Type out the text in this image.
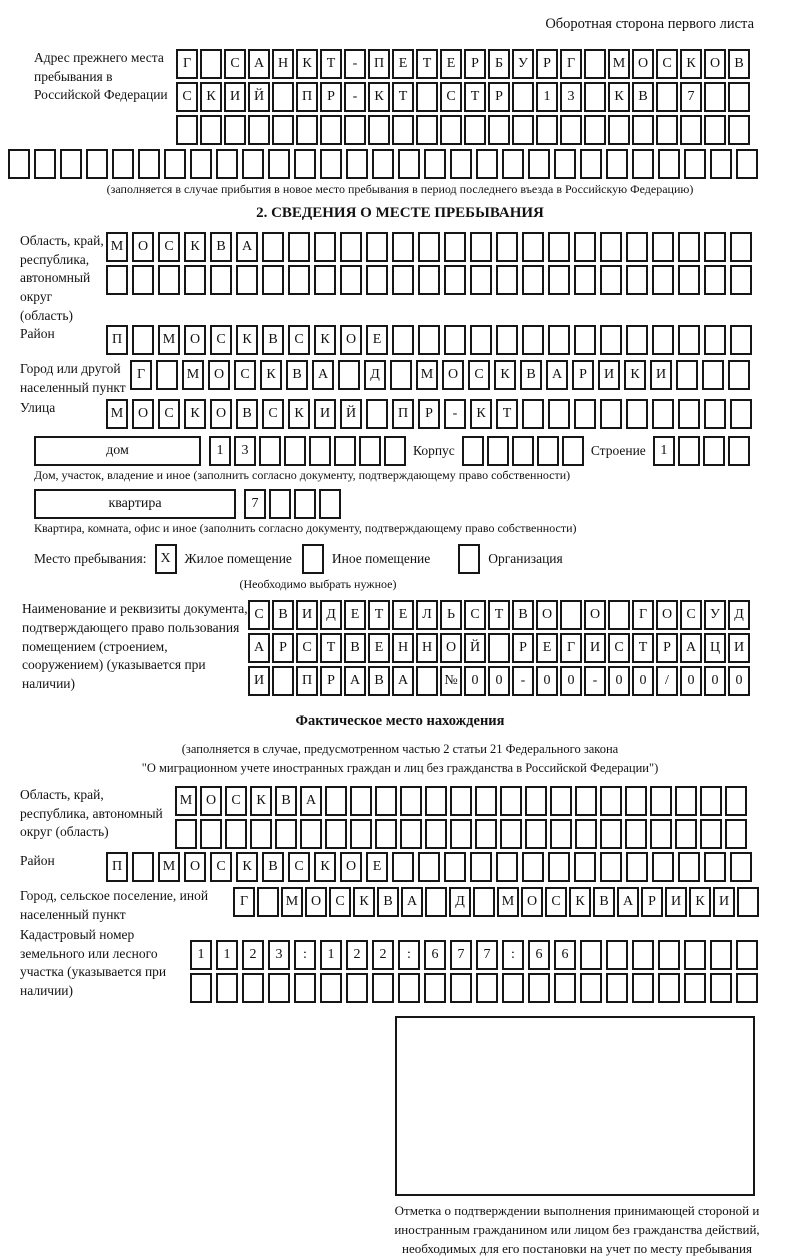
Оборотная сторона первого листа
Адрес прежнего места пребывания в Российской Федерации
Г	С	А Н	К	Т	-	П	Е	Т	Е	Р	Б	У	Р	Г	М О	С	К	О	В
С	К	И Й	П	Р	-	К	Т	С	Т	Р	1	3	К	В	7
(заполняется в случае прибытия в новое место пребывания в период последнего въезда в Российскую Федерацию)
2. СВЕДЕНИЯ О МЕСТЕ ПРЕБЫВАНИЯ
Область, край, республика, автономный округ (область)
М	О	С	К	В	А
Район	П	М	О	С	К	В	С	К	О	Е
Город или другой населенный пункт
Г	М	О	С	К	В	А	Д	М	О	С	К	В	А	Р	И	К	И
Улица	М	О	С	К	О	В	С	К	И	Й	П	Р	-	К	Т
дом	1	3	Корпус	Строение	1
Дом, участок, владение и иное (заполнить согласно документу, подтверждающему право собственности)
квартира	7
Квартира, комната, офис и иное (заполнить согласно документу, подтверждающему право собственности)
Место пребывания: X	Жилое помещение	Иное помещение	Организация
(Необходимо выбрать нужное)
Наименование и реквизиты документа, подтверждающего право пользования помещением (строением, сооружением) (указывается при наличии)
С	В	И	Д	Е	Т	Е	Л	Ь	С	Т	В	О	О	Г	О	С	У	Д
А	Р	С	Т	В	Е	Н Н О Й	Р	Е	Г	И	С	Т	Р	А Ц И
И	П	Р	А	В	А	№ 0	0	-	0	0	-	0	0	/	0	0	0
Фактическое место нахождения
(заполняется в случае, предусмотренном частью 2 статьи 21 Федерального закона
"О миграционном учете иностранных граждан и лиц без гражданства в Российской Федерации")
Область, край, республика, автономный округ (область)
М О	С	К	В	А
Район	П	М	О	С	К	В	С	К	О	Е
Город, сельское поселение, иной населенный пункт
Г	М О	С	К	В	А	Д	М О	С	К	В	А	Р	И	К	И
Кадастровый номер земельного или лесного участка (указывается при наличии)
1	1	2	3	:	1	2	2	:	6	7	7	:	6	6
Отметка о подтверждении выполнения принимающей стороной и иностранным гражданином или лицом без гражданства действий, необходимых для его постановки на учет по месту пребывания
